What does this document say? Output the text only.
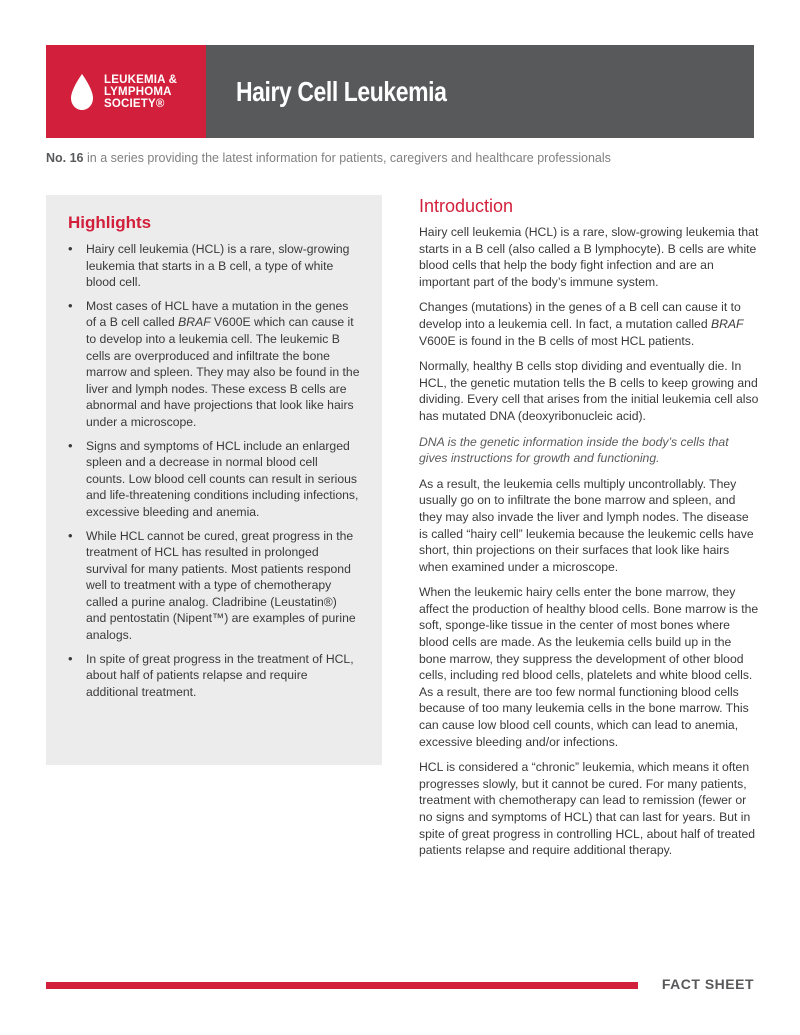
LEUKEMIA &
LYMPHOMA
SOCIETY®	Hairy Cell Leukemia
No. 16 in a series providing the latest information for patients, caregivers and healthcare professionals
Highlights
• Hairy cell leukemia (HCL) is a rare, slow-growing leukemia that starts in a B cell, a type of white blood cell.
• Most cases of HCL have a mutation in the genes of a B cell called BRAF V600E which can cause it to develop into a leukemia cell. The leukemic B cells are overproduced and infiltrate the bone marrow and spleen. They may also be found in the liver and lymph nodes. These excess B cells are abnormal and have projections that look like hairs under a microscope.
• Signs and symptoms of HCL include an enlarged spleen and a decrease in normal blood cell counts. Low blood cell counts can result in serious and life-threatening conditions including infections, excessive bleeding and anemia.
• While HCL cannot be cured, great progress in the treatment of HCL has resulted in prolonged survival for many patients. Most patients respond well to treatment with a type of chemotherapy called a purine analog. Cladribine (Leustatin®) and pentostatin (Nipent™) are examples of purine analogs.
• In spite of great progress in the treatment of HCL, about half of patients relapse and require additional treatment.
Introduction

Hairy cell leukemia (HCL) is a rare, slow-growing leukemia that starts in a B cell (also called a B lymphocyte). B cells are white blood cells that help the body fight infection and are an important part of the body’s immune system.

Changes (mutations) in the genes of a B cell can cause it to develop into a leukemia cell. In fact, a mutation called BRAF V600E is found in the B cells of most HCL patients.

Normally, healthy B cells stop dividing and eventually die. In HCL, the genetic mutation tells the B cells to keep growing and dividing. Every cell that arises from the initial leukemia cell also has mutated DNA (deoxyribonucleic acid).

DNA is the genetic information inside the body’s cells that gives instructions for growth and functioning.

As a result, the leukemia cells multiply uncontrollably. They usually go on to infiltrate the bone marrow and spleen, and they may also invade the liver and lymph nodes. The disease is called “hairy cell” leukemia because the leukemic cells have short, thin projections on their surfaces that look like hairs when examined under a microscope.

When the leukemic hairy cells enter the bone marrow, they affect the production of healthy blood cells. Bone marrow is the soft, sponge-like tissue in the center of most bones where blood cells are made. As the leukemia cells build up in the bone marrow, they suppress the development of other blood cells, including red blood cells, platelets and white blood cells. As a result, there are too few normal functioning blood cells because of too many leukemia cells in the bone marrow. This can cause low blood cell counts, which can lead to anemia, excessive bleeding and/or infections.

HCL is considered a “chronic” leukemia, which means it often progresses slowly, but it cannot be cured. For many patients, treatment with chemotherapy can lead to remission (fewer or no signs and symptoms of HCL) that can last for years. But in spite of great progress in controlling HCL, about half of treated patients relapse and require additional therapy.

FACT SHEET
